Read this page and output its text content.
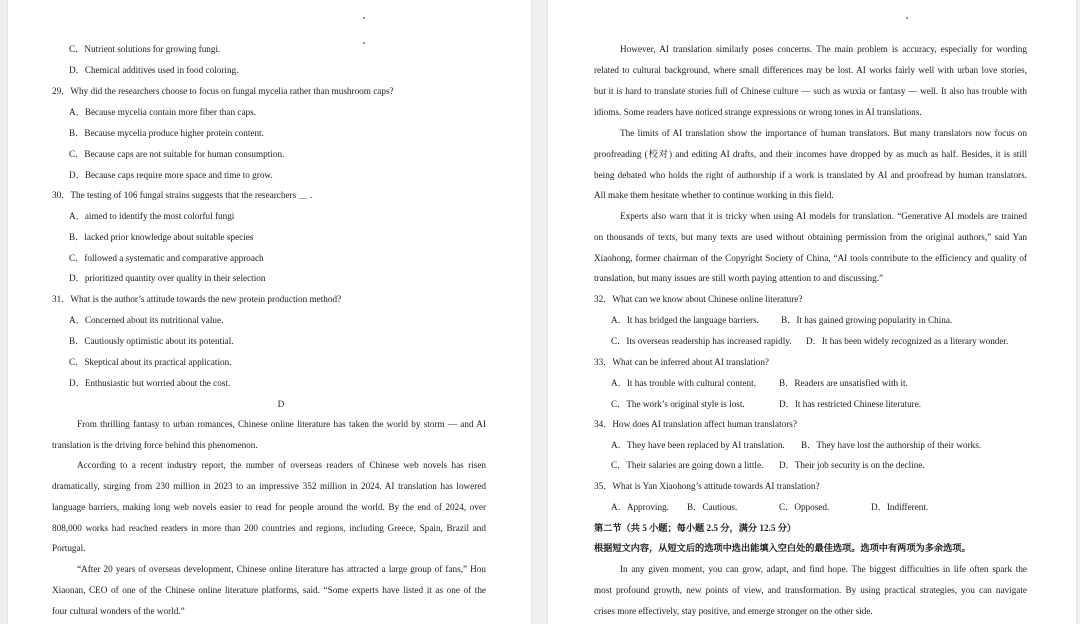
C．Nutrient solutions for growing fungi.
D．Chemical additives used in food coloring.
29．Why did the researchers choose to focus on fungal mycelia rather than mushroom caps?
A．Because mycelia contain more fiber than caps.
B．Because mycelia produce higher protein content.
C．Because caps are not suitable for human consumption.
D．Because caps require more space and time to grow.
30．The testing of 106 fungal strains suggests that the researchers ＿ .
A．aimed to identify the most colorful fungi
B．lacked prior knowledge about suitable species
C．followed a systematic and comparative approach
D．prioritized quantity over quality in their selection
31．What is the author’s attitude towards the new protein production method?
A．Concerned about its nutritional value.
B．Cautiously optimistic about its potential.
C．Skeptical about its practical application.
D．Enthusiastic but worried about the cost.
D
From thrilling fantasy to urban romances, Chinese online literature has taken the world by storm — and AI
translation is the driving force behind this phenomenon.
According to a recent industry report, the number of overseas readers of Chinese web novels has risen
dramatically, surging from 230 million in 2023 to an impressive 352 million in 2024. AI translation has lowered
language barriers, making long web novels easier to read for people around the world. By the end of 2024, over
808,000 works had reached readers in more than 200 countries and regions, including Greece, Spain, Brazil and
Portugal.
“After 20 years of overseas development, Chinese online literature has attracted a large group of fans,” Hou
Xiaonan, CEO of one of the Chinese online literature platforms, said. “Some experts have listed it as one of the
four cultural wonders of the world.”
However, AI translation similarly poses concerns. The main problem is accuracy, especially for wording
related to cultural background, where small differences may be lost. AI works fairly well with urban love stories,
but it is hard to translate stories full of Chinese culture — such as wuxia or fantasy — well. It also has trouble with
idioms. Some readers have noticed strange expressions or wrong tones in AI translations.
The limits of AI translation show the importance of human translators. But many translators now focus on
proofreading (校对) and editing AI drafts, and their incomes have dropped by as much as half. Besides, it is still
being debated who holds the right of authorship if a work is translated by AI and proofread by human translators.
All make them hesitate whether to continue working in this field.
Experts also warn that it is tricky when using AI models for translation. “Generative AI models are trained
on thousands of texts, but many texts are used without obtaining permission from the original authors,” said Yan
Xiaohong, former chairman of the Copyright Society of China, “AI tools contribute to the efficiency and quality of
translation, but many issues are still worth paying attention to and discussing.”
32．What can we know about Chinese online literature?
A．It has bridged the language barriers. B．It has gained growing popularity in China.
C．Its overseas readership has increased rapidly. D．It has been widely recognized as a literary wonder.
33．What can be inferred about AI translation?
A．It has trouble with cultural content.	B．Readers are unsatisfied with it.
C．The work’s original style is lost.	D．It has restricted Chinese literature.
34．How does AI translation affect human translators?
A．They have been replaced by AI translation. B．They have lost the authorship of their works.
C．Their salaries are going down a little. D．Their job security is on the decline.
35．What is Yan Xiaohong’s attitude towards AI translation?
A．Approving. B．Cautious.	C．Opposed.	D．Indifferent.
第二节（共 5 小题；每小题 2.5 分，满分 12.5 分）
根据短文内容，从短文后的选项中选出能填入空白处的最佳选项。选项中有两项为多余选项。
In any given moment, you can grow, adapt, and find hope. The biggest difficulties in life often spark the
most profound growth, new points of view, and transformation. By using practical strategies, you can navigate
crises more effectively, stay positive, and emerge stronger on the other side.
